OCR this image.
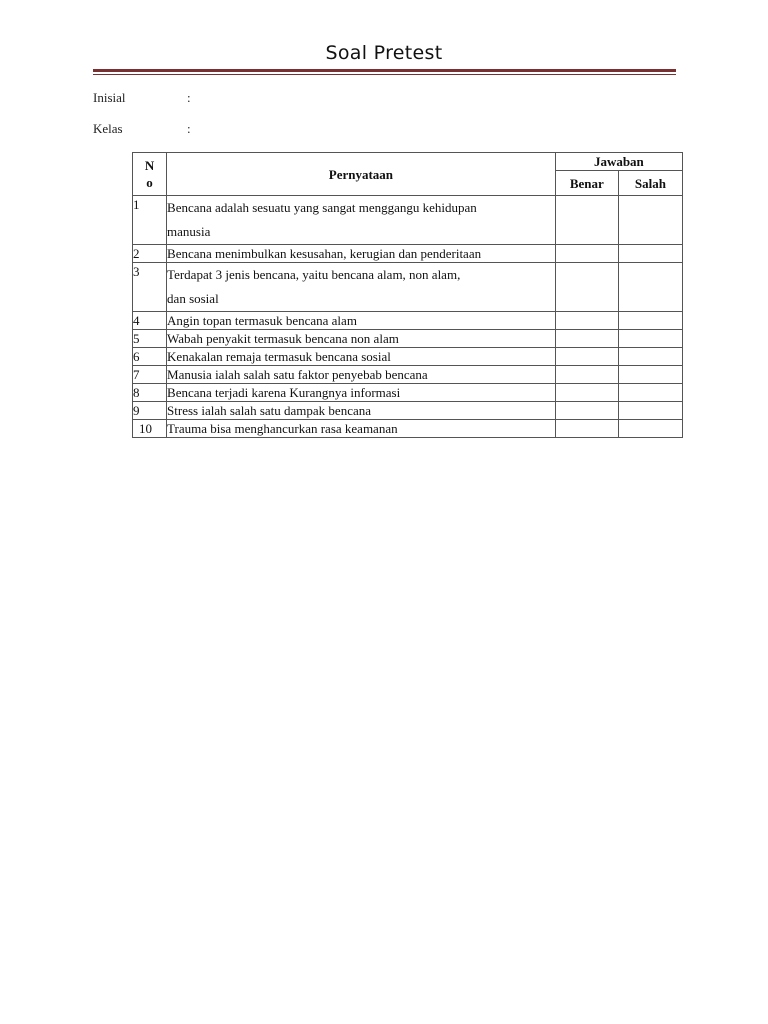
Soal Pretest
Inisial	:
Kelas	:
N
o	Pernyataan	Jawaban	
		Benar	Salah
1	Bencana adalah sesuatu yang sangat menggangu kehidupan
manusia		
2	Bencana menimbulkan kesusahan, kerugian dan penderitaan		
3	Terdapat 3 jenis bencana, yaitu bencana alam, non alam,
dan sosial		
4	Angin topan termasuk bencana alam		
5	Wabah penyakit termasuk bencana non alam		
6	Kenakalan remaja termasuk bencana sosial		
7	Manusia ialah salah satu faktor penyebab bencana		
8	Bencana terjadi karena Kurangnya informasi		
9	Stress ialah salah satu dampak bencana		
10	Trauma bisa menghancurkan rasa keamanan		
